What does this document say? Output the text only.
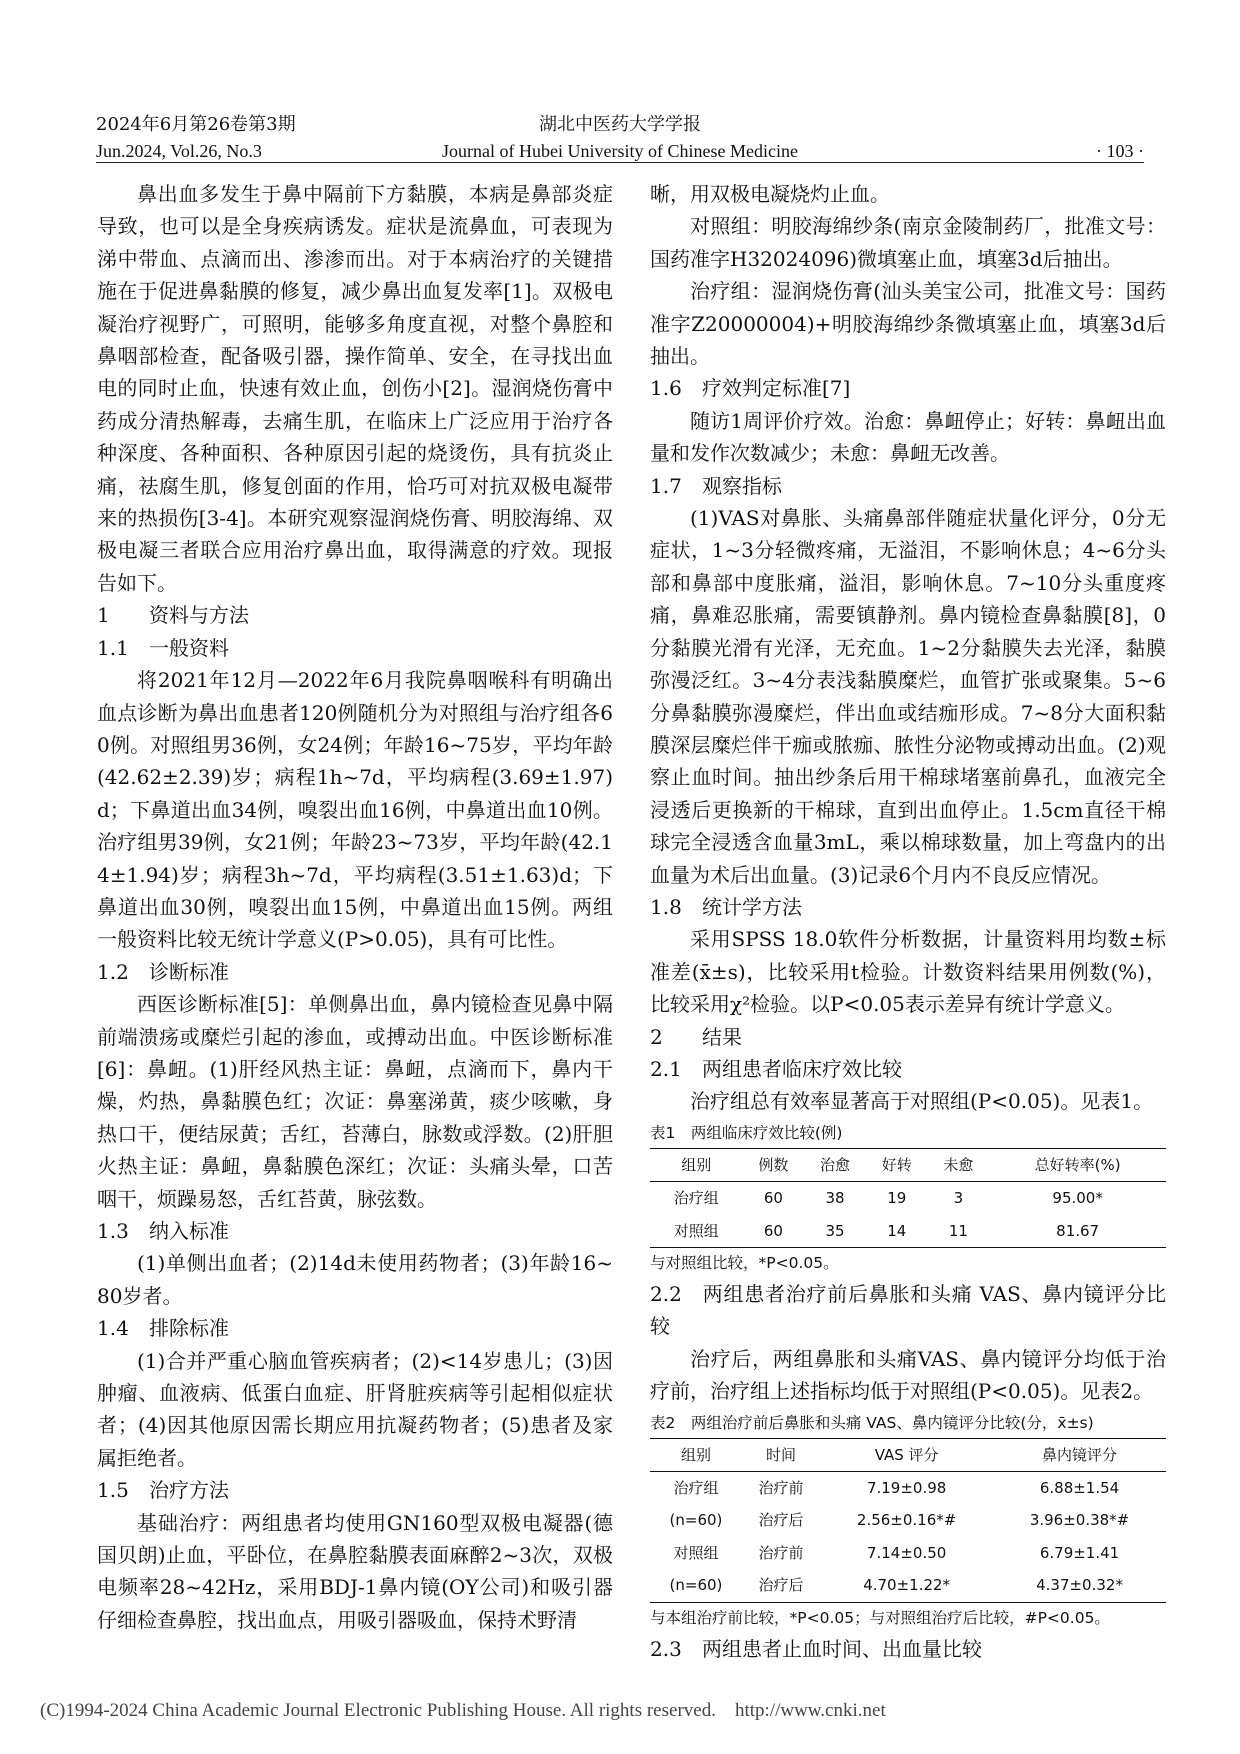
2024年6月第26卷第3期
Jun.2024, Vol.26, No.3
湖北中医药大学学报
Journal of Hubei University of Chinese Medicine	· 103 ·

鼻出血多发生于鼻中隔前下方黏膜，本病是鼻部炎症导致，也可以是全身疾病诱发。症状是流鼻血，可表现为涕中带血、点滴而出、渗渗而出。对于本病治疗的关键措施在于促进鼻黏膜的修复，减少鼻出血复发率[1]。双极电凝治疗视野广，可照明，能够多角度直视，对整个鼻腔和鼻咽部检查，配备吸引器，操作简单、安全，在寻找出血电的同时止血，快速有效止血，创伤小[2]。湿润烧伤膏中药成分清热解毒，去痛生肌，在临床上广泛应用于治疗各种深度、各种面积、各种原因引起的烧烫伤，具有抗炎止痛，祛腐生肌，修复创面的作用，恰巧可对抗双极电凝带来的热损伤[3-4]。本研究观察湿润烧伤膏、明胶海绵、双极电凝三者联合应用治疗鼻出血，取得满意的疗效。现报告如下。

1 资料与方法

1.1 一般资料

将2021年12月—2022年6月我院鼻咽喉科有明确出血点诊断为鼻出血患者120例随机分为对照组与治疗组各60例。对照组男36例，女24例；年龄16~75岁，平均年龄(42.62±2.39)岁；病程1h~7d，平均病程(3.69±1.97)d；下鼻道出血34例，嗅裂出血16例，中鼻道出血10例。治疗组男39例，女21例；年龄23~73岁，平均年龄(42.14±1.94)岁；病程3h~7d，平均病程(3.51±1.63)d；下鼻道出血30例，嗅裂出血15例，中鼻道出血15例。两组一般资料比较无统计学意义(P>0.05)，具有可比性。

1.2 诊断标准

西医诊断标准[5]：单侧鼻出血，鼻内镜检查见鼻中隔前端溃疡或糜烂引起的渗血，或搏动出血。中医诊断标准[6]：鼻衄。(1)肝经风热主证：鼻衄，点滴而下，鼻内干燥，灼热，鼻黏膜色红；次证：鼻塞涕黄，痰少咳嗽，身热口干，便结尿黄；舌红，苔薄白，脉数或浮数。(2)肝胆火热主证：鼻衄，鼻黏膜色深红；次证：头痛头晕，口苦咽干，烦躁易怒，舌红苔黄，脉弦数。

1.3 纳入标准

(1)单侧出血者；(2)14d未使用药物者；(3)年龄16~80岁者。

1.4 排除标准

(1)合并严重心脑血管疾病者；(2)<14岁患儿；(3)因肿瘤、血液病、低蛋白血症、肝肾脏疾病等引起相似症状者；(4)因其他原因需长期应用抗凝药物者；(5)患者及家属拒绝者。

1.5 治疗方法

基础治疗：两组患者均使用GN160型双极电凝器(德国贝朗)止血，平卧位，在鼻腔黏膜表面麻醉2~3次，双极电频率28~42Hz，采用BDJ-1鼻内镜(OY公司)和吸引器仔细检查鼻腔，找出血点，用吸引器吸血，保持术野清

晰，用双极电凝烧灼止血。

对照组：明胶海绵纱条(南京金陵制药厂，批准文号：国药准字H32024096)微填塞止血，填塞3d后抽出。

治疗组：湿润烧伤膏(汕头美宝公司，批准文号：国药准字Z20000004)+明胶海绵纱条微填塞止血，填塞3d后抽出。

1.6 疗效判定标准[7]

随访1周评价疗效。治愈：鼻衄停止；好转：鼻衄出血量和发作次数减少；未愈：鼻衄无改善。

1.7 观察指标

(1)VAS对鼻胀、头痛鼻部伴随症状量化评分，0分无症状，1~3分轻微疼痛，无溢泪，不影响休息；4~6分头部和鼻部中度胀痛，溢泪，影响休息。7~10分头重度疼痛，鼻难忍胀痛，需要镇静剂。鼻内镜检查鼻黏膜[8]，0分黏膜光滑有光泽，无充血。1~2分黏膜失去光泽，黏膜弥漫泛红。3~4分表浅黏膜糜烂，血管扩张或聚集。5~6分鼻黏膜弥漫糜烂，伴出血或结痂形成。7~8分大面积黏膜深层糜烂伴干痂或脓痂、脓性分泌物或搏动出血。(2)观察止血时间。抽出纱条后用干棉球堵塞前鼻孔，血液完全浸透后更换新的干棉球，直到出血停止。1.5cm直径干棉球完全浸透含血量3mL，乘以棉球数量，加上弯盘内的出血量为术后出血量。(3)记录6个月内不良反应情况。

1.8 统计学方法

采用SPSS 18.0软件分析数据，计量资料用均数±标准差(x̄±s)，比较采用t检验。计数资料结果用例数(%)，比较采用χ²检验。以P<0.05表示差异有统计学意义。

2 结果

2.1 两组患者临床疗效比较

治疗组总有效率显著高于对照组(P<0.05)。见表1。

表1　两组临床疗效比较(例)

组别	例数	治愈	好转	未愈	总好转率(%)
治疗组	60	38	19	3	95.00*
对照组	60	35	14	11	81.67

与对照组比较，*P<0.05。

2.2 两组患者治疗前后鼻胀和头痛 VAS、鼻内镜评分比较

治疗后，两组鼻胀和头痛VAS、鼻内镜评分均低于治疗前，治疗组上述指标均低于对照组(P<0.05)。见表2。

表2　两组治疗前后鼻胀和头痛 VAS、鼻内镜评分比较(分，x̄±s)

组别	时间	VAS 评分	鼻内镜评分
治疗组	治疗前	7.19±0.98	6.88±1.54
(n=60)	治疗后	2.56±0.16*#	3.96±0.38*#
对照组	治疗前	7.14±0.50	6.79±1.41
(n=60)	治疗后	4.70±1.22*	4.37±0.32*

与本组治疗前比较，*P<0.05；与对照组治疗后比较，#P<0.05。

2.3 两组患者止血时间、出血量比较

(C)1994-2024 China Academic Journal Electronic Publishing House. All rights reserved. http://www.cnki.net
